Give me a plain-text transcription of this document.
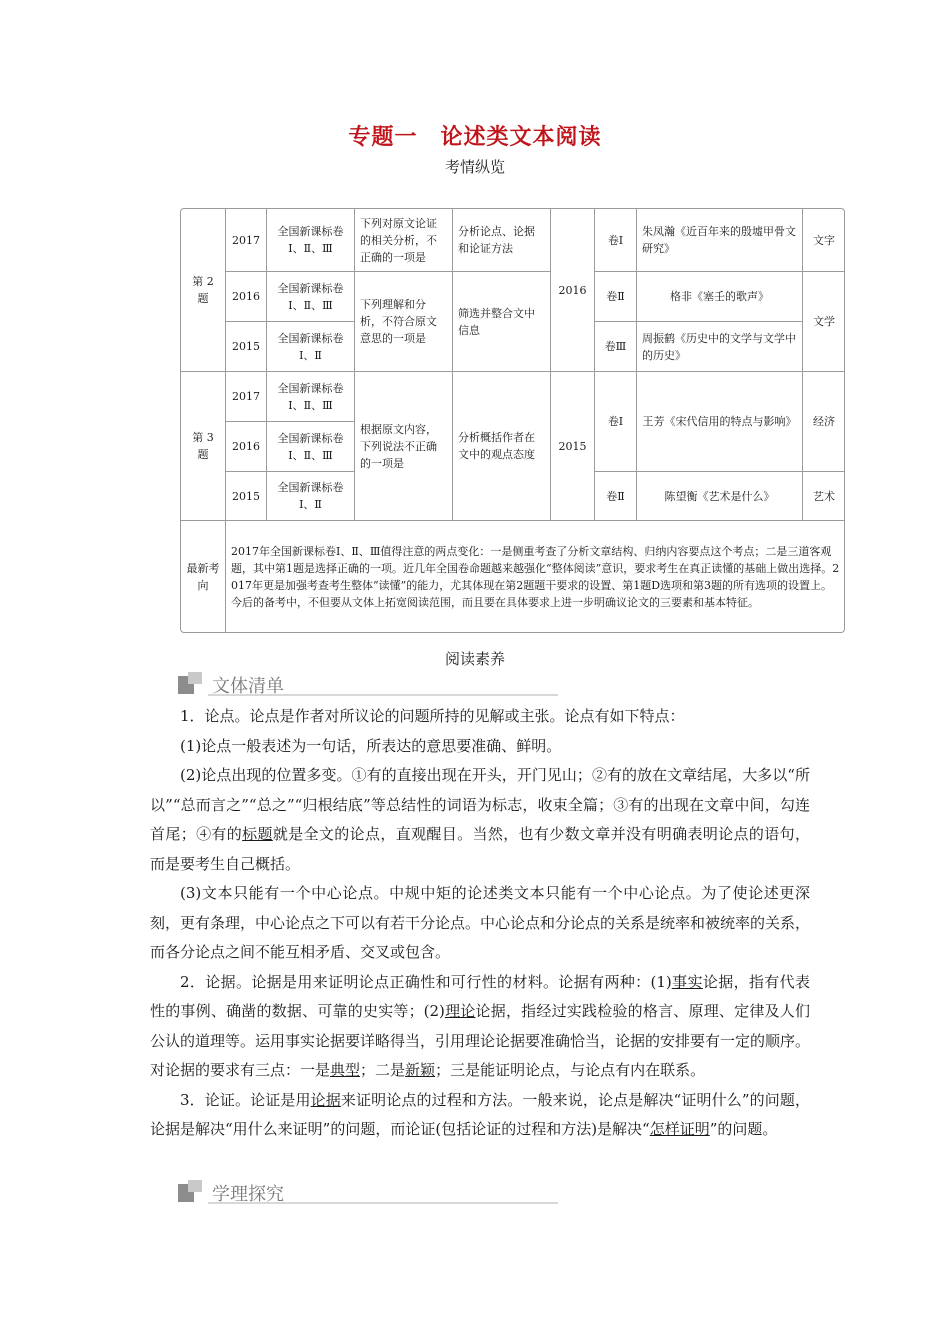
专题一　论述类文本阅读
考情纵览
第 2 题	2017	全国新课标卷Ⅰ、Ⅱ、Ⅲ	下列对原文论证的相关分析，不正确的一项是	分析论点、论据和论证方法	2016	卷Ⅰ	朱凤瀚《近百年来的殷墟甲骨文研究》	文字
	2016	全国新课标卷Ⅰ、Ⅱ、Ⅲ	下列理解和分析，不符合原文意思的一项是	筛选并整合文中信息		卷Ⅱ	格非《塞壬的歌声》	文学
	2015	全国新课标卷Ⅰ、Ⅱ				卷Ⅲ	周振鹤《历史中的文学与文学中的历史》	
第 3 题	2017	全国新课标卷Ⅰ、Ⅱ、Ⅲ	根据原文内容，下列说法不正确的一项是	分析概括作者在文中的观点态度	2015	卷Ⅰ	王芳《宋代信用的特点与影响》	经济
	2016	全国新课标卷Ⅰ、Ⅱ、Ⅲ						
	2015	全国新课标卷Ⅰ、Ⅱ				卷Ⅱ	陈望衡《艺术是什么》	艺术
最新考向	2017年全国新课标卷Ⅰ、Ⅱ、Ⅲ值得注意的两点变化：一是侧重考查了分析文章结构、归纳内容要点这个考点；二是三道客观题，其中第1题是选择正确的一项。近几年全国卷命题越来越强化“整体阅读”意识，要求考生在真正读懂的基础上做出选择。2017年更是加强考查考生整体“读懂”的能力，尤其体现在第2题题干要求的设置、第1题D选项和第3题的所有选项的设置上。今后的备考中，不但要从文体上拓宽阅读范围，而且要在具体要求上进一步明确议论文的三要素和基本特征。							
阅读素养
文体清单

1．论点。论点是作者对所议论的问题所持的见解或主张。论点有如下特点：

(1)论点一般表述为一句话，所表达的意思要准确、鲜明。

(2)论点出现的位置多变。①有的直接出现在开头，开门见山；②有的放在文章结尾，大多以“所以”“总而言之”“总之”“归根结底”等总结性的词语为标志，收束全篇；③有的出现在文章中间，勾连首尾；④有的标题就是全文的论点，直观醒目。当然，也有少数文章并没有明确表明论点的语句，而是要考生自己概括。

(3)文本只能有一个中心论点。中规中矩的论述类文本只能有一个中心论点。为了使论述更深刻，更有条理，中心论点之下可以有若干分论点。中心论点和分论点的关系是统率和被统率的关系，而各分论点之间不能互相矛盾、交叉或包含。

2．论据。论据是用来证明论点正确性和可行性的材料。论据有两种：(1)事实论据，指有代表性的事例、确凿的数据、可靠的史实等；(2)理论论据，指经过实践检验的格言、原理、定律及人们公认的道理等。运用事实论据要详略得当，引用理论论据要准确恰当，论据的安排要有一定的顺序。对论据的要求有三点：一是典型；二是新颖；三是能证明论点，与论点有内在联系。

3．论证。论证是用论据来证明论点的过程和方法。一般来说，论点是解决“证明什么”的问题，论据是解决“用什么来证明”的问题，而论证(包括论证的过程和方法)是解决“怎样证明”的问题。

学理探究
